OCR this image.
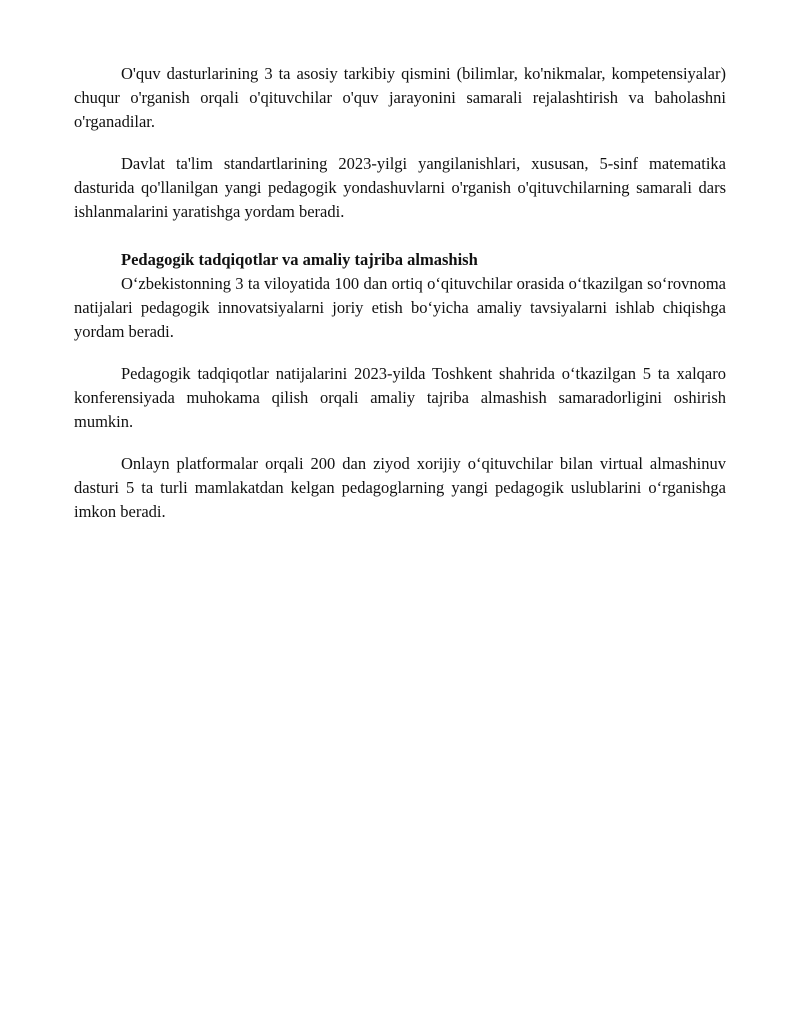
O'quv dasturlarining 3 ta asosiy tarkibiy qismini (bilimlar, ko'nikmalar, kompetensiyalar) chuqur o'rganish orqali o'qituvchilar o'quv jarayonini samarali rejalashtirish va baholashni o'rganadilar.

Davlat ta'lim standartlarining 2023-yilgi yangilanishlari, xususan, 5-sinf matematika dasturida qo'llanilgan yangi pedagogik yondashuvlarni o'rganish o'qituvchilarning samarali dars ishlanmalarini yaratishga yordam beradi.

Pedagogik tadqiqotlar va amaliy tajriba almashish

O‘zbekistonning 3 ta viloyatida 100 dan ortiq o‘qituvchilar orasida o‘tkazilgan so‘rovnoma natijalari pedagogik innovatsiyalarni joriy etish bo‘yicha amaliy tavsiyalarni ishlab chiqishga yordam beradi.

Pedagogik tadqiqotlar natijalarini 2023-yilda Toshkent shahrida o‘tkazilgan 5 ta xalqaro konferensiyada muhokama qilish orqali amaliy tajriba almashish samaradorligini oshirish mumkin.

Onlayn platformalar orqali 200 dan ziyod xorijiy o‘qituvchilar bilan virtual almashinuv dasturi 5 ta turli mamlakatdan kelgan pedagoglarning yangi pedagogik uslublarini o‘rganishga imkon beradi.
